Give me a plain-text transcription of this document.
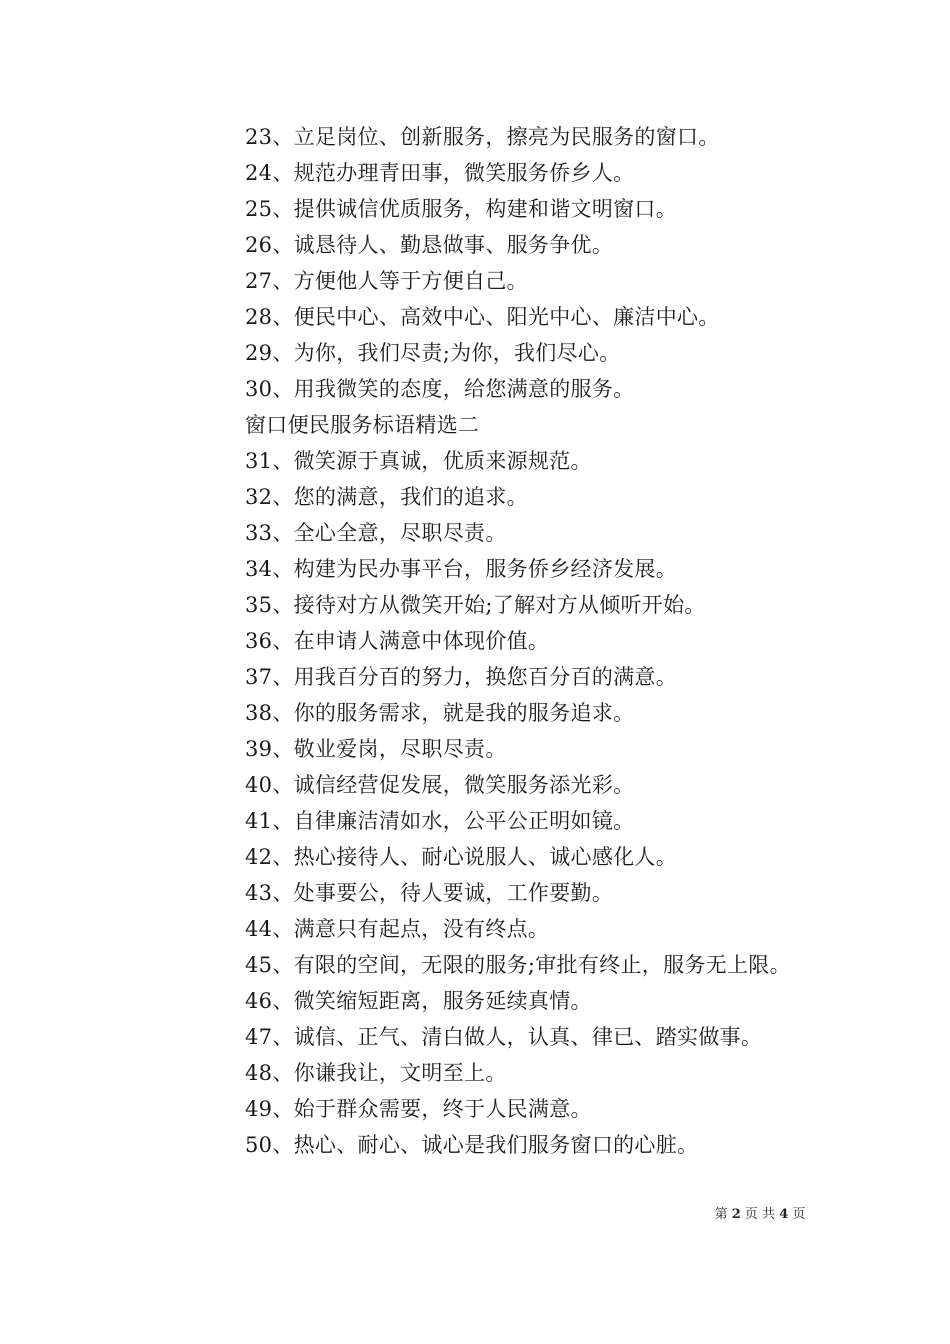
23、立足岗位、创新服务，擦亮为民服务的窗口。
24、规范办理青田事，微笑服务侨乡人。
25、提供诚信优质服务，构建和谐文明窗口。
26、诚恳待人、勤恳做事、服务争优。
27、方便他人等于方便自己。
28、便民中心、高效中心、阳光中心、廉洁中心。
29、为你，我们尽责;为你，我们尽心。
30、用我微笑的态度，给您满意的服务。
窗口便民服务标语精选二
31、微笑源于真诚，优质来源规范。
32、您的满意，我们的追求。
33、全心全意，尽职尽责。
34、构建为民办事平台，服务侨乡经济发展。
35、接待对方从微笑开始;了解对方从倾听开始。
36、在申请人满意中体现价值。
37、用我百分百的努力，换您百分百的满意。
38、你的服务需求，就是我的服务追求。
39、敬业爱岗，尽职尽责。
40、诚信经营促发展，微笑服务添光彩。
41、自律廉洁清如水，公平公正明如镜。
42、热心接待人、耐心说服人、诚心感化人。
43、处事要公，待人要诚，工作要勤。
44、满意只有起点，没有终点。
45、有限的空间，无限的服务;审批有终止，服务无上限。
46、微笑缩短距离，服务延续真情。
47、诚信、正气、清白做人，认真、律已、踏实做事。
48、你谦我让，文明至上。
49、始于群众需要，终于人民满意。
50、热心、耐心、诚心是我们服务窗口的心脏。
第 2 页 共 4 页
